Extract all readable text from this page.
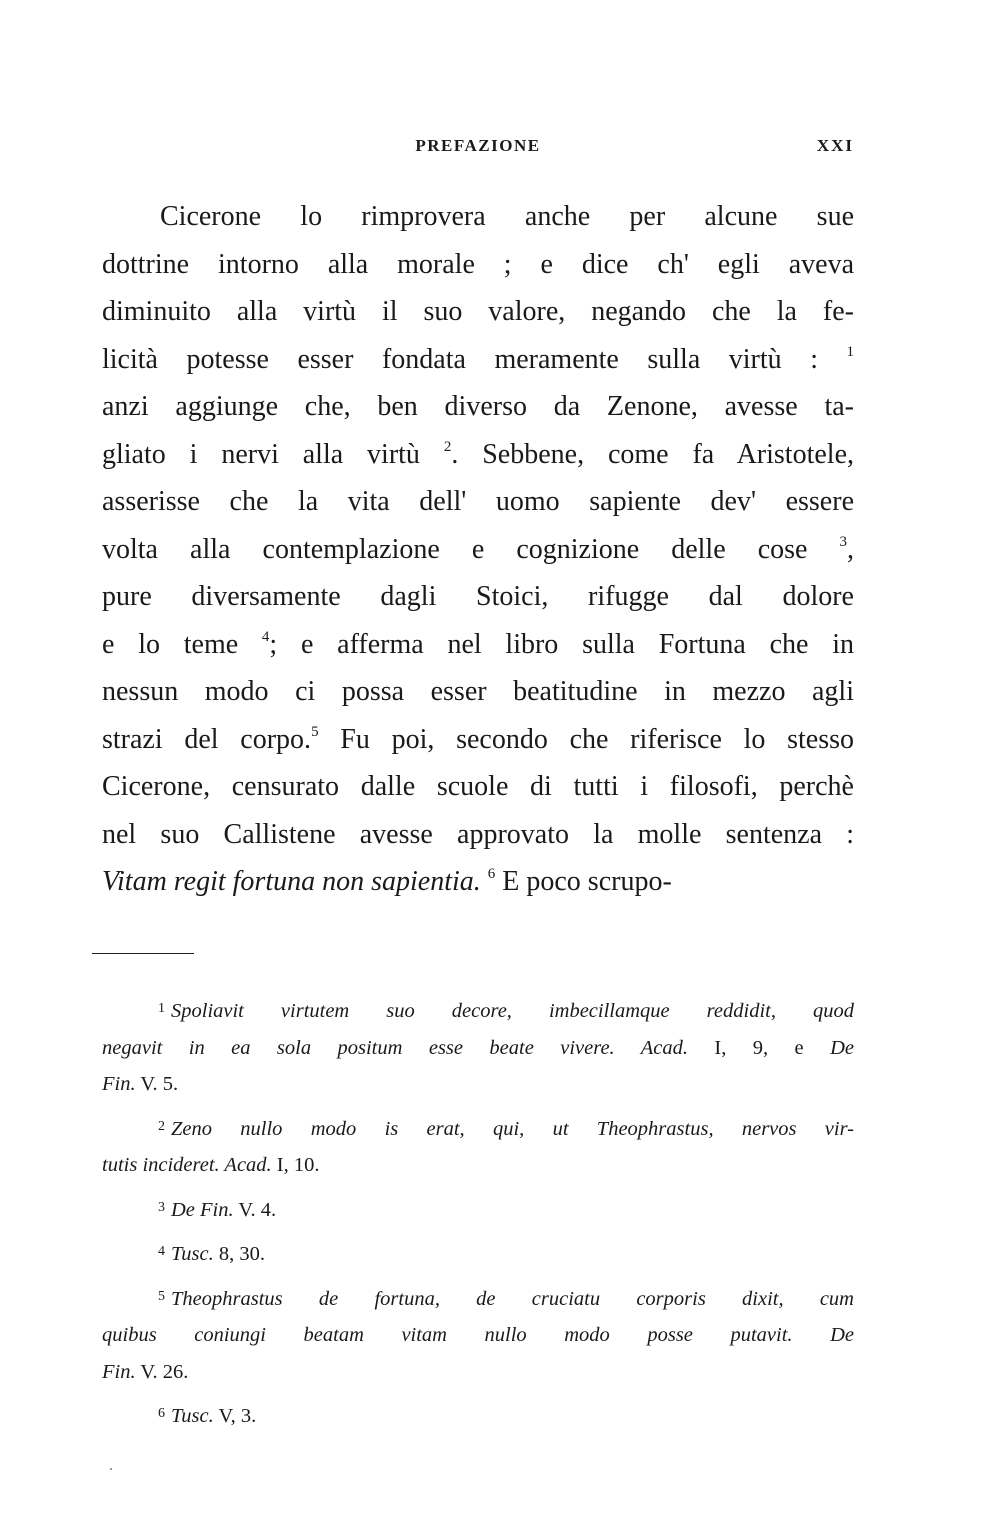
PREFAZIONE	XXI
Cicerone lo rimprovera anche per alcune sue
dottrine intorno alla morale ; e dice ch' egli aveva
diminuito alla virtù il suo valore, negando che la fe-
licità potesse esser fondata meramente sulla virtù : $^1$
anzi aggiunge che, ben diverso da Zenone, avesse ta-
gliato i nervi alla virtù $^2$. Sebbene, come fa Aristotele,
asserisse che la vita dell' uomo sapiente dev' essere
volta alla contemplazione e cognizione delle cose $^3$,
pure diversamente dagli Stoici, rifugge dal dolore
e lo teme $^4$; e afferma nel libro sulla Fortuna che in
nessun modo ci possa esser beatitudine in mezzo agli
strazi del corpo.$^5$ Fu poi, secondo che riferisce lo stesso
Cicerone, censurato dalle scuole di tutti i filosofi, perchè
nel suo Callistene avesse approvato la molle sentenza :
Vitam regit fortuna non sapientia. $^6$ E poco scrupo-
$^1$ Spoliavit virtutem suo decore, imbecillamque reddidit, quod
negavit in ea sola positum esse beate vivere. Acad. I, 9, e De
Fin. V. 5.
$^2$ Zeno nullo modo is erat, qui, ut Theophrastus, nervos vir-
tutis incideret. Acad. I, 10.
$^3$ De Fin. V. 4.
$^4$ Tusc. 8, 30.
$^5$ Theophrastus de fortuna, de cruciatu corporis dixit, cum
quibus coniungi beatam vitam nullo modo posse putavit. De
Fin. V. 26.
$^6$ Tusc. V, 3.
